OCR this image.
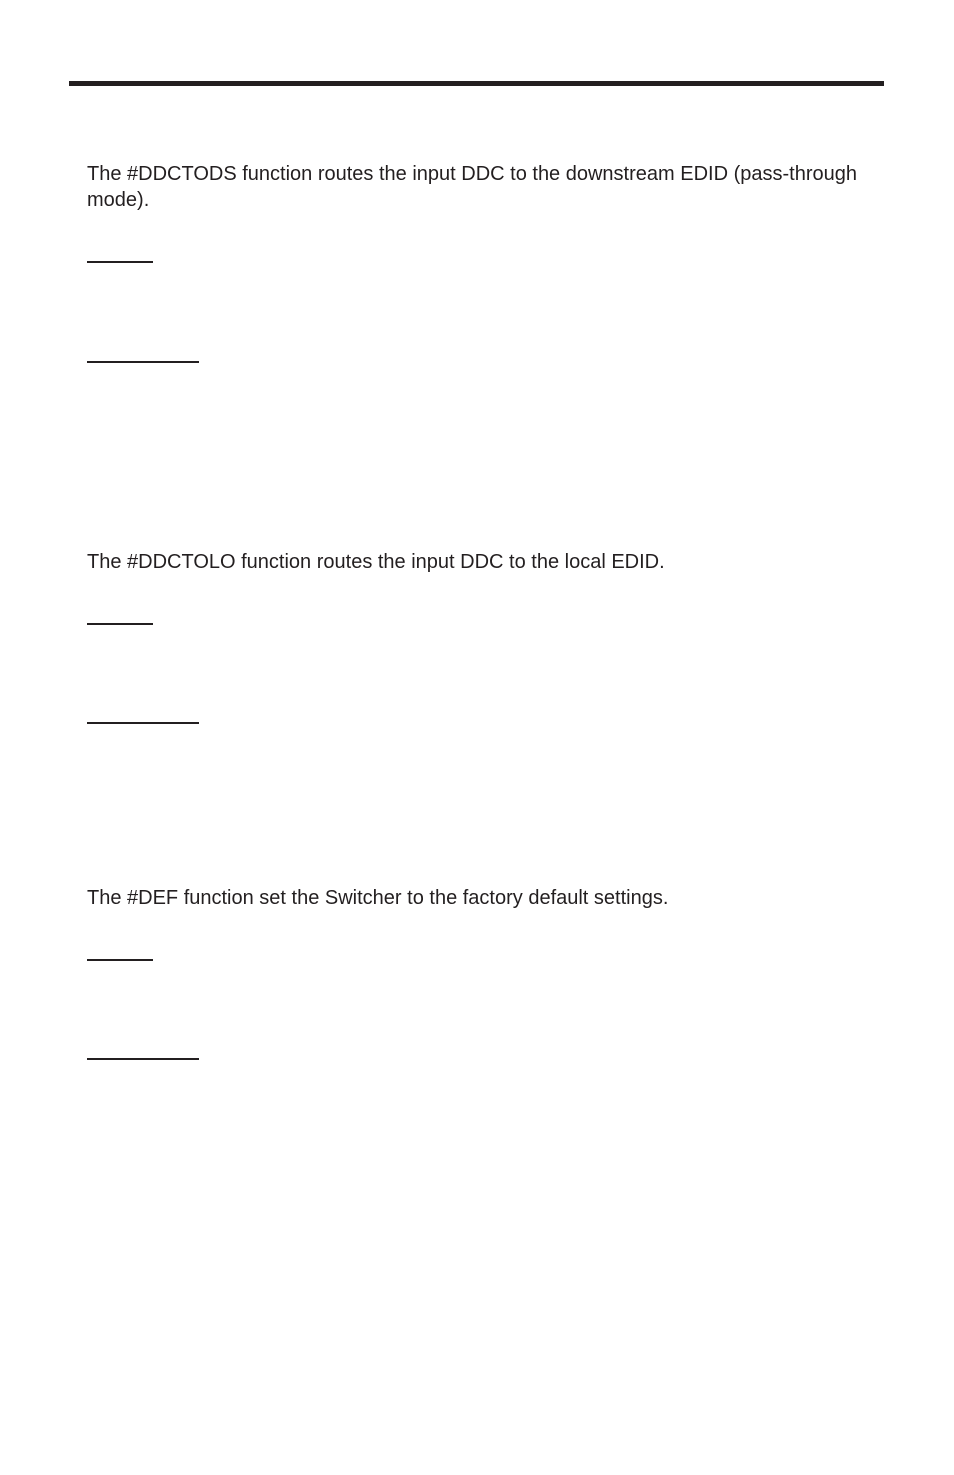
The #DDCTODS function routes the input DDC to the downstream EDID (pass-through mode).

The #DDCTOLO function routes the input DDC to the local EDID.

The #DEF function set the Switcher to the factory default settings.
